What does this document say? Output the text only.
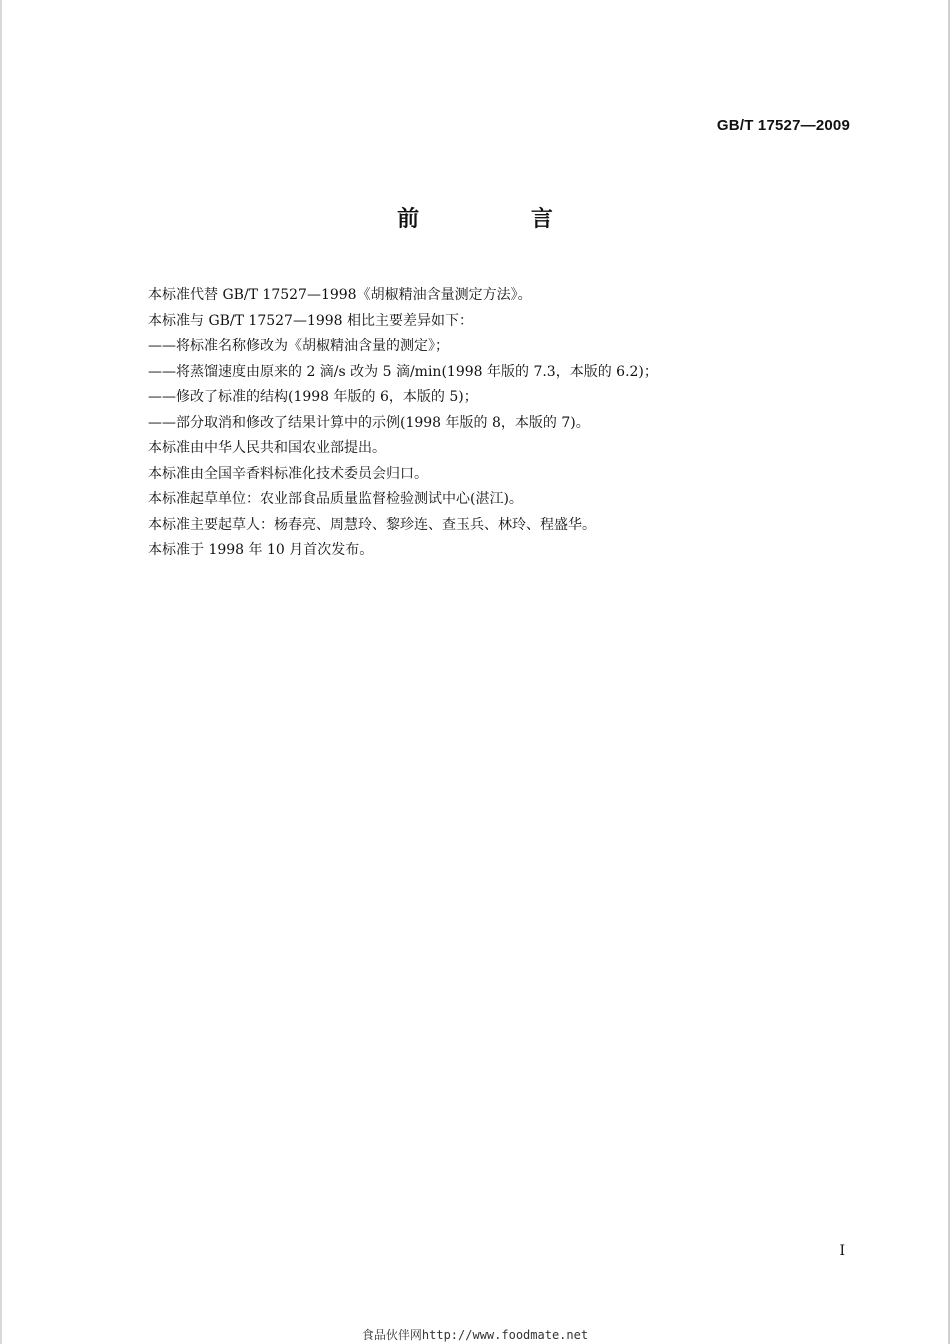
GB/T 17527—2009
前 言
本标准代替 GB/T 17527—1998《胡椒精油含量测定方法》。
本标准与 GB/T 17527—1998 相比主要差异如下：
——将标准名称修改为《胡椒精油含量的测定》；
——将蒸馏速度由原来的 2 滴/s 改为 5 滴/min(1998 年版的 7.3，本版的 6.2)；
——修改了标准的结构(1998 年版的 6，本版的 5)；
——部分取消和修改了结果计算中的示例(1998 年版的 8，本版的 7)。
本标准由中华人民共和国农业部提出。
本标准由全国辛香料标准化技术委员会归口。
本标准起草单位：农业部食品质量监督检验测试中心(湛江)。
本标准主要起草人：杨春亮、周慧玲、黎珍连、查玉兵、林玲、程盛华。
本标准于 1998 年 10 月首次发布。
I
食品伙伴网http://www.foodmate.net
